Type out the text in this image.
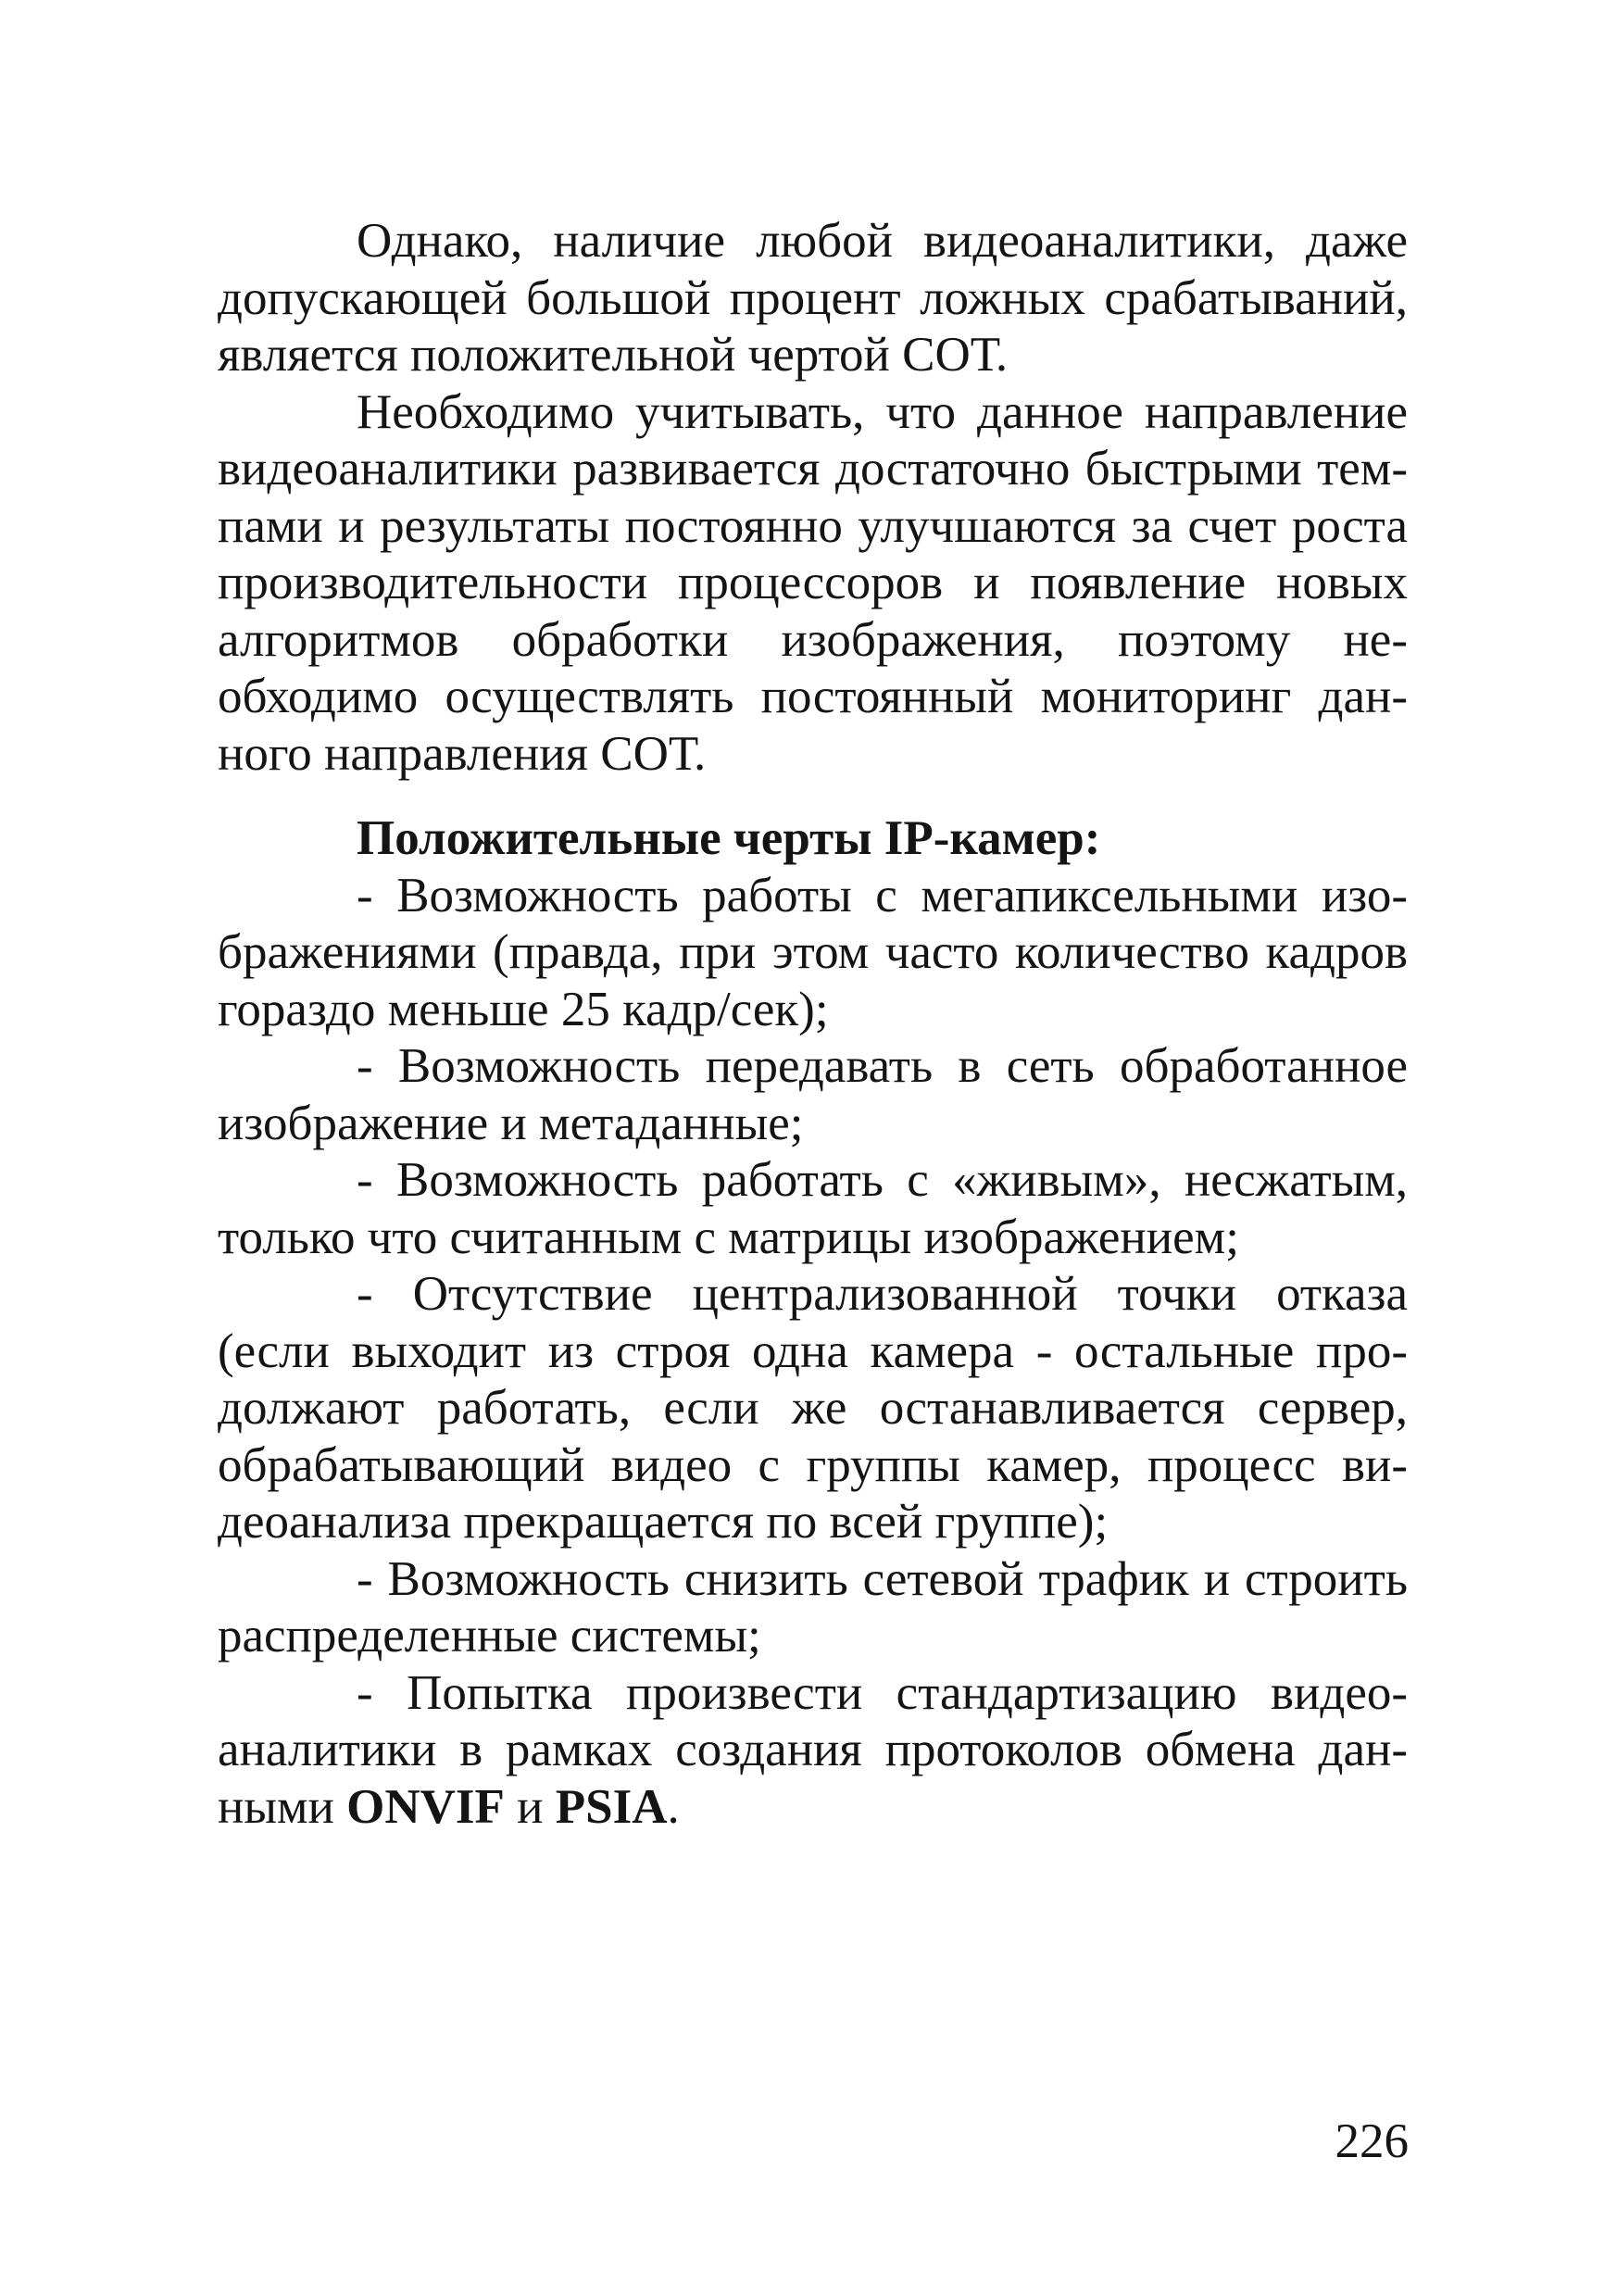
Однако, наличие любой видеоаналитики, даже допускающей большой процент ложных срабатываний, является положительной чертой СОТ.

Необходимо учитывать, что данное направление видеоаналитики развивается достаточно быстрыми темпами и результаты постоянно улучшаются за счет роста производительности процессоров и появление новых алгоритмов обработки изображения, поэтому необходимо осуществлять постоянный мониторинг данного направления СОТ.

Положительные черты IP-камер:

- Возможность работы с мегапиксельными изображениями (правда, при этом часто количество кадров гораздо меньше 25 кадр/сек);

- Возможность передавать в сеть обработанное изображение и метаданные;

- Возможность работать с «живым», несжатым, только что считанным с матрицы изображением;

- Отсутствие централизованной точки отказа (если выходит из строя одна камера - остальные продолжают работать, если же останавливается сервер, обрабатывающий видео с группы камер, процесс видеоанализа прекращается по всей группе);

- Возможность снизить сетевой трафик и строить распределенные системы;

- Попытка произвести стандартизацию видеоаналитики в рамках создания протоколов обмена данными ONVIF и PSIA.

226
